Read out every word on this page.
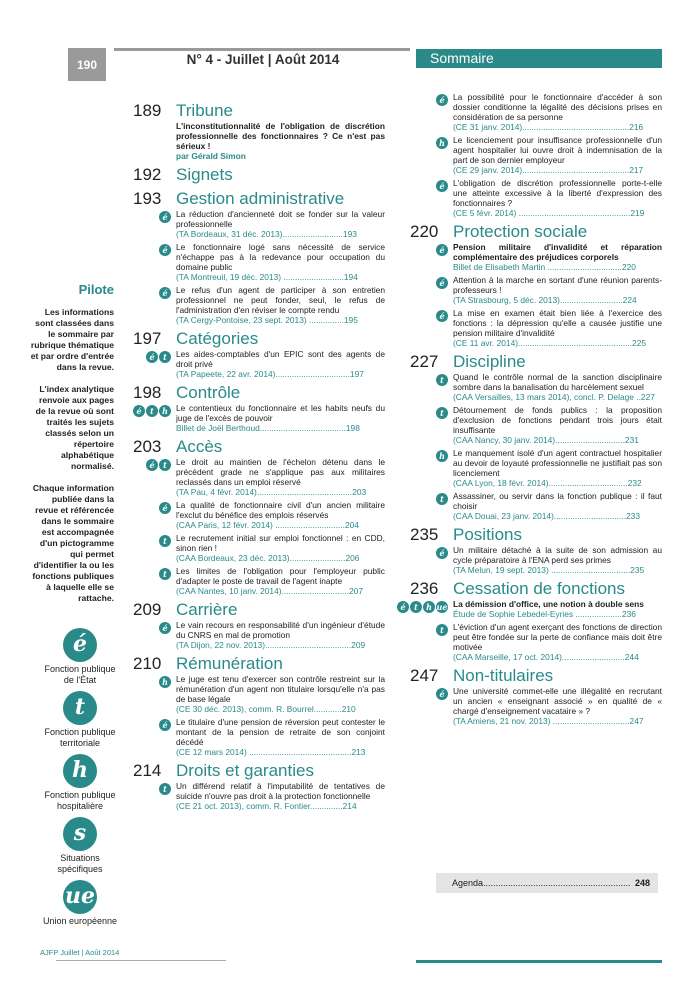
190	N° 4 - Juillet | Août 2014	Sommaire
Pilote

Les informations sont classées dans le sommaire par rubrique thématique et par ordre d'entrée dans la revue.

L'index analytique renvoie aux pages de la revue où sont traités les sujets classés selon un répertoire alphabétique normalisé.

Chaque information publiée dans la revue et référencée dans le sommaire est accompagnée d'un pictogramme qui permet d'identifier la ou les fonctions publiques à laquelle elle se rattache.

é
Fonction publique de l'État
t
Fonction publique territoriale
h
Fonction publique hospitalière
s
Situations spécifiques
ue
Union européenne
189 Tribune
L'inconstitutionnalité de l'obligation de discrétion professionnelle des fonctionnaires ? Ce n'est pas sérieux !
par Gérald Simon
192 Signets
193 Gestion administrative
é	La réduction d'ancienneté doit se fonder sur la valeur professionnelle
(TA Bordeaux, 31 déc. 2013)..........................193
é	Le fonctionnaire logé sans nécessité de service n'échappe pas à la redevance pour occupation du domaine public
(TA Montreuil, 19 déc. 2013) ..........................194
é	Le refus d'un agent de participer à son entretien professionnel ne peut fonder, seul, le refus de l'administration d'en réviser le compte rendu
(TA Cergy-Pontoise, 23 sept. 2013) ...............195
197 Catégories
t
é	Les aides-comptables d'un EPIC sont des agents de droit privé
(TA Papeete, 22 avr. 2014)................................197
198 Contrôle
h
t
é	Le contentieux du fonctionnaire et les habits neufs du juge de l'excès de pouvoir
Billet de Joël Berthoud.....................................198
203 Accès
t
é	Le droit au maintien de l'échelon détenu dans le précédent grade ne s'applique pas aux militaires reclassés dans un emploi réservé
(TA Pau, 4 févr. 2014).........................................203
é	La qualité de fonctionnaire civil d'un ancien militaire l'exclut du bénéfice des emplois réservés
(CAA Paris, 12 févr. 2014) ..............................204
t	Le recrutement initial sur emploi fonctionnel : en CDD, sinon rien !
(CAA Bordeaux, 23 déc. 2013)........................206
t	Les limites de l'obligation pour l'employeur public d'adapter le poste de travail de l'agent inapte
(CAA Nantes, 10 janv. 2014).............................207
209 Carrière
é	Le vain recours en responsabilité d'un ingénieur d'étude du CNRS en mal de promotion
(TA Dijon, 22 nov. 2013).....................................209
210 Rémunération
h Le juge est tenu d'exercer son contrôle restreint sur la rémunération d'un agent non titulaire lorsqu'elle n'a pas de base légale
(CE 30 déc. 2013), comm. R. Bourrel............210
é	Le titulaire d'une pension de réversion peut contester le montant de la pension de retraite de son conjoint décédé
(CE 12 mars 2014) ............................................213
214 Droits et garanties
t	Un différend relatif à l'imputabilité de tentatives de suicide n'ouvre pas droit à la protection fonctionnelle
(CE 21 oct. 2013), comm. R. Fontier..............214
é	La possibilité pour le fonctionnaire d'accéder à son dossier conditionne la légalité des décisions prises en considération de sa personne
(CE 31 janv. 2014)..............................................216
h Le licenciement pour insuffisance professionnelle d'un agent hospitalier lui ouvre droit à indemnisation de la part de son dernier employeur
(CE 29 janv. 2014)..............................................217
é	L'obligation de discrétion professionnelle porte-t-elle une atteinte excessive à la liberté d'expression des fonctionnaires ?
(CE 5 févr. 2014) ................................................219
220 Protection sociale
é	Pension militaire d'invalidité et réparation complémentaire des préjudices corporels
Billet de Elisabeth Martin ................................220
é	Attention à la marche en sortant d'une réunion parents-professeurs !
(TA Strasbourg, 5 déc. 2013)...........................224
é	La mise en examen était bien liée à l'exercice des fonctions : la dépression qu'elle a causée justifie une pension militaire d'invalidité
(CE 11 avr. 2014).................................................225
227 Discipline
t	Quand le contrôle normal de la sanction disciplinaire sombre dans la banalisation du harcèlement sexuel
(CAA Versailles, 13 mars 2014), concl. P. Delage ..227
t	Détournement de fonds publics : la proposition d'exclusion de fonctions pendant trois jours était insuffisante
(CAA Nancy, 30 janv. 2014)..............................231
h Le manquement isolé d'un agent contractuel hospitalier au devoir de loyauté professionnelle ne justifiait pas son licenciement
(CAA Lyon, 18 févr. 2014)..................................232
t	Assassiner, ou servir dans la fonction publique : il faut choisir
(CAA Douai, 23 janv. 2014)...............................233
235 Positions
é	Un militaire détaché à la suite de son admission au cycle préparatoire à l'ENA perd ses primes
(TA Melun, 19 sept. 2013) ..................................235
236 Cessation de fonctions
ue
h
t
é	La démission d'office, une notion à double sens
Étude de Sophie Lebedel-Eyries ....................236
t	L'éviction d'un agent exerçant des fonctions de direction peut être fondée sur la perte de confiance mais doit être motivée
(CAA Marseille, 17 oct. 2014)...........................244
247 Non-titulaires
é	Une université commet-elle une illégalité en recrutant un ancien « enseignant associé » en qualité de « chargé d'enseignement vacataire » ?
(TA Amiens, 21 nov. 2013) .................................247
Agenda........................................................... 248
AJFP Juillet | Août 2014
